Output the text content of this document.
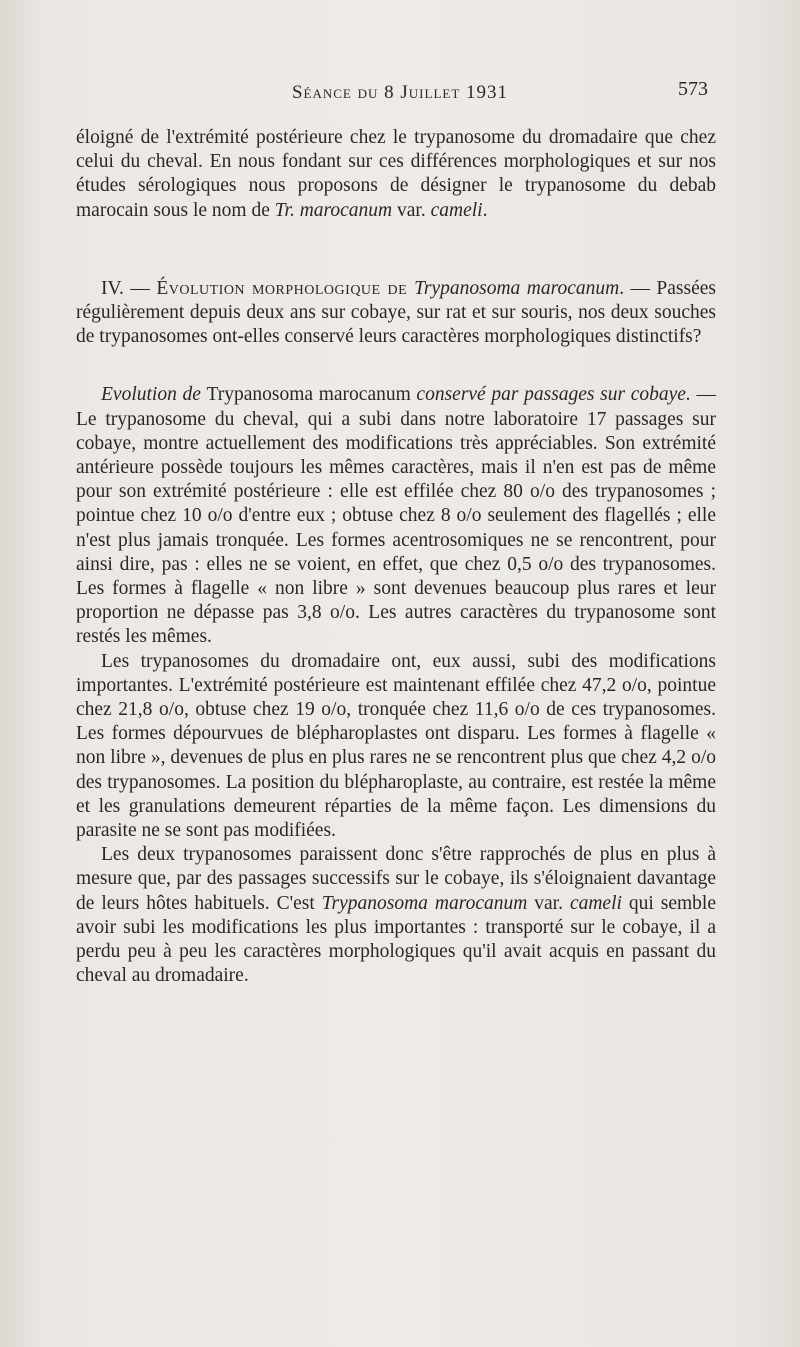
Séance du 8 Juillet 1931	573

éloigné de l'extrémité postérieure chez le trypanosome du dromadaire que chez celui du cheval. En nous fondant sur ces différences morphologiques et sur nos études sérologiques nous proposons de désigner le trypanosome du debab marocain sous le nom de Tr. marocanum var. cameli.

IV. — Évolution morphologique de Trypanosoma marocanum. — Passées régulièrement depuis deux ans sur cobaye, sur rat et sur souris, nos deux souches de trypanosomes ont-elles conservé leurs caractères morphologiques distinctifs?

Evolution de Trypanosoma marocanum conservé par passages sur cobaye. — Le trypanosome du cheval, qui a subi dans notre laboratoire 17 passages sur cobaye, montre actuellement des modifications très appréciables. Son extrémité antérieure possède toujours les mêmes caractères, mais il n'en est pas de même pour son extrémité postérieure : elle est effilée chez 80 o/o des trypanosomes ; pointue chez 10 o/o d'entre eux ; obtuse chez 8 o/o seulement des flagellés ; elle n'est plus jamais tronquée. Les formes acentrosomiques ne se rencontrent, pour ainsi dire, pas : elles ne se voient, en effet, que chez 0,5 o/o des trypanosomes. Les formes à flagelle « non libre » sont devenues beaucoup plus rares et leur proportion ne dépasse pas 3,8 o/o. Les autres caractères du trypanosome sont restés les mêmes.

Les trypanosomes du dromadaire ont, eux aussi, subi des modifications importantes. L'extrémité postérieure est maintenant effilée chez 47,2 o/o, pointue chez 21,8 o/o, obtuse chez 19 o/o, tronquée chez 11,6 o/o de ces trypanosomes. Les formes dépourvues de blépharoplastes ont disparu. Les formes à flagelle « non libre », devenues de plus en plus rares ne se rencontrent plus que chez 4,2 o/o des trypanosomes. La position du blépharoplaste, au contraire, est restée la même et les granulations demeurent réparties de la même façon. Les dimensions du parasite ne se sont pas modifiées.

Les deux trypanosomes paraissent donc s'être rapprochés de plus en plus à mesure que, par des passages successifs sur le cobaye, ils s'éloignaient davantage de leurs hôtes habituels. C'est Trypanosoma marocanum var. cameli qui semble avoir subi les modifications les plus importantes : transporté sur le cobaye, il a perdu peu à peu les caractères morphologiques qu'il avait acquis en passant du cheval au dromadaire.
